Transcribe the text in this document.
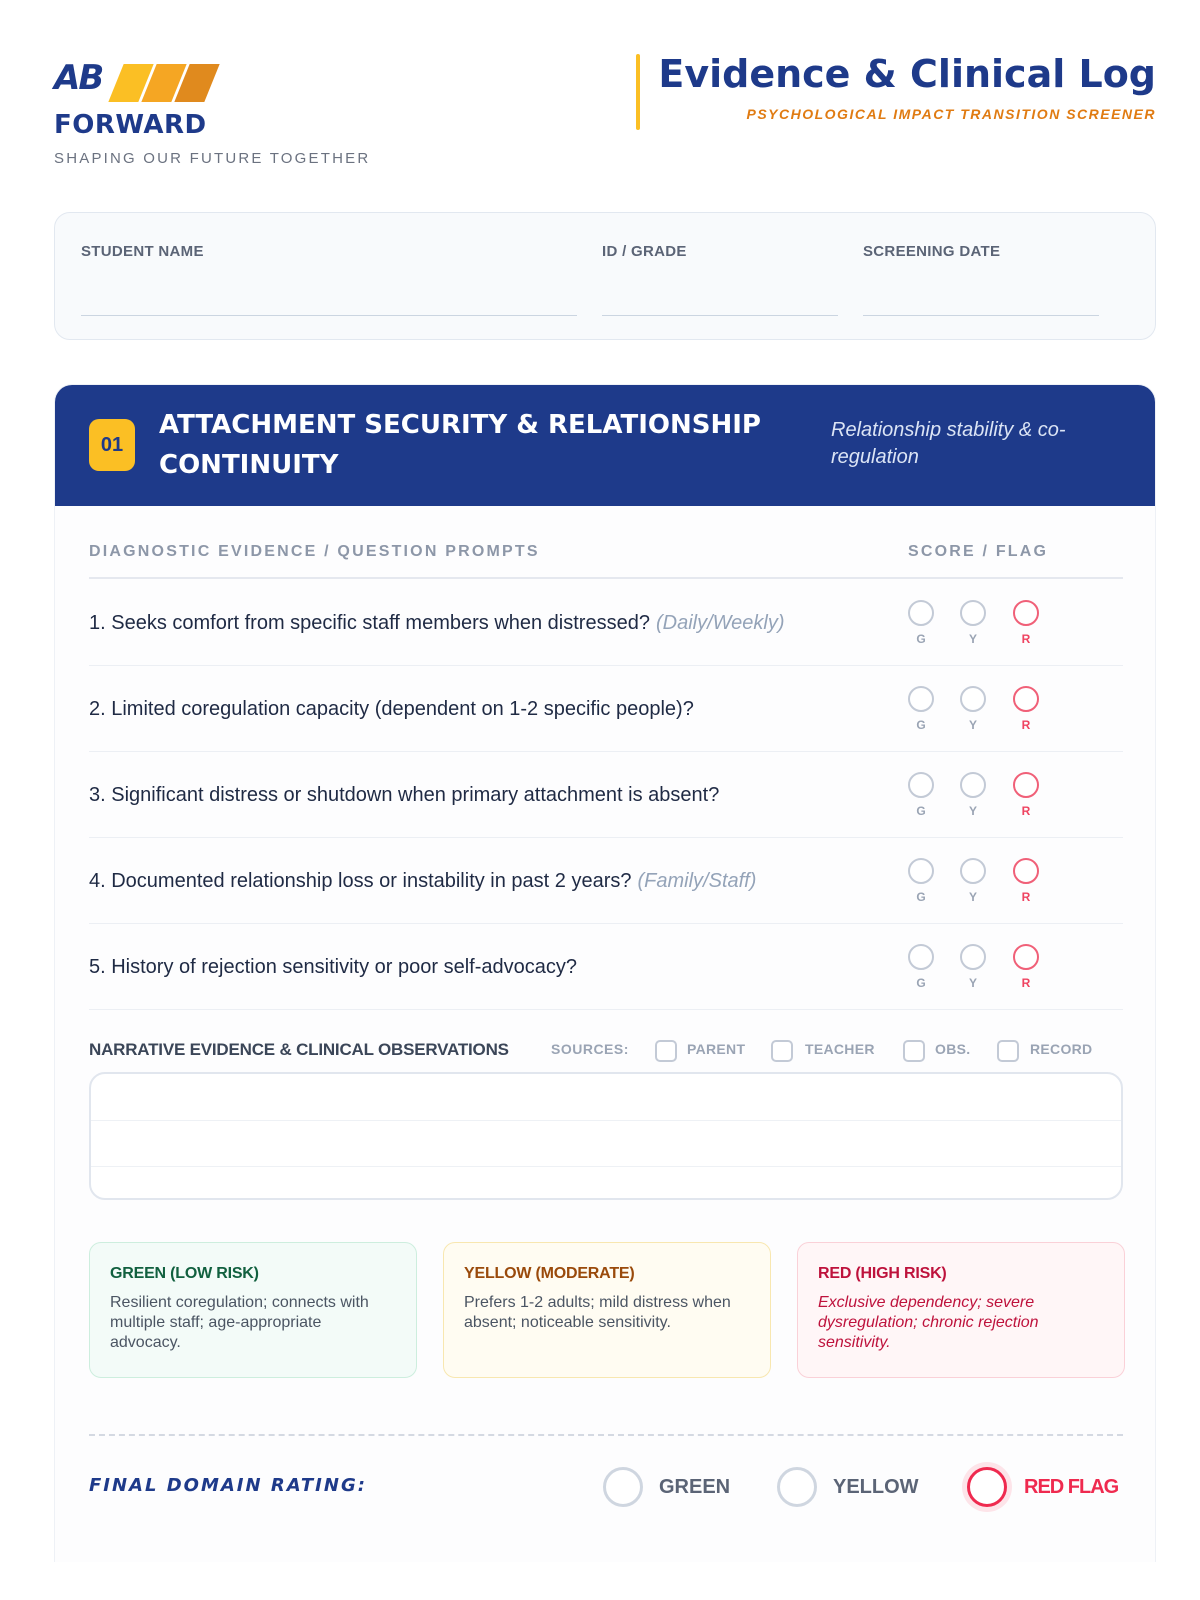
AB
FORWARD
SHAPING OUR FUTURE TOGETHER
Evidence & Clinical Log
PSYCHOLOGICAL IMPACT TRANSITION SCREENER
STUDENT NAME	ID / GRADE	SCREENING DATE
01
ATTACHMENT SECURITY & RELATIONSHIP CONTINUITY
Relationship stability & co-regulation
DIAGNOSTIC EVIDENCE / QUESTION PROMPTS	SCORE / FLAG
1. Seeks comfort from specific staff members when distressed? (Daily/Weekly)
G	Y	R
2. Limited coregulation capacity (dependent on 1-2 specific people)?
G	Y	R
3. Significant distress or shutdown when primary attachment is absent?
G	Y	R
4. Documented relationship loss or instability in past 2 years? (Family/Staff)
G	Y	R
5. History of rejection sensitivity or poor self-advocacy?
G	Y	R
NARRATIVE EVIDENCE & CLINICAL OBSERVATIONS	SOURCES:	PARENT	TEACHER	OBS.	RECORD
GREEN (LOW RISK)
Resilient coregulation; connects with multiple staff; age-appropriate advocacy.
YELLOW (MODERATE)
Prefers 1-2 adults; mild distress when absent; noticeable sensitivity.
RED (HIGH RISK)
Exclusive dependency; severe dysregulation; chronic rejection sensitivity.
FINAL DOMAIN RATING:	GREEN	YELLOW	RED FLAG
